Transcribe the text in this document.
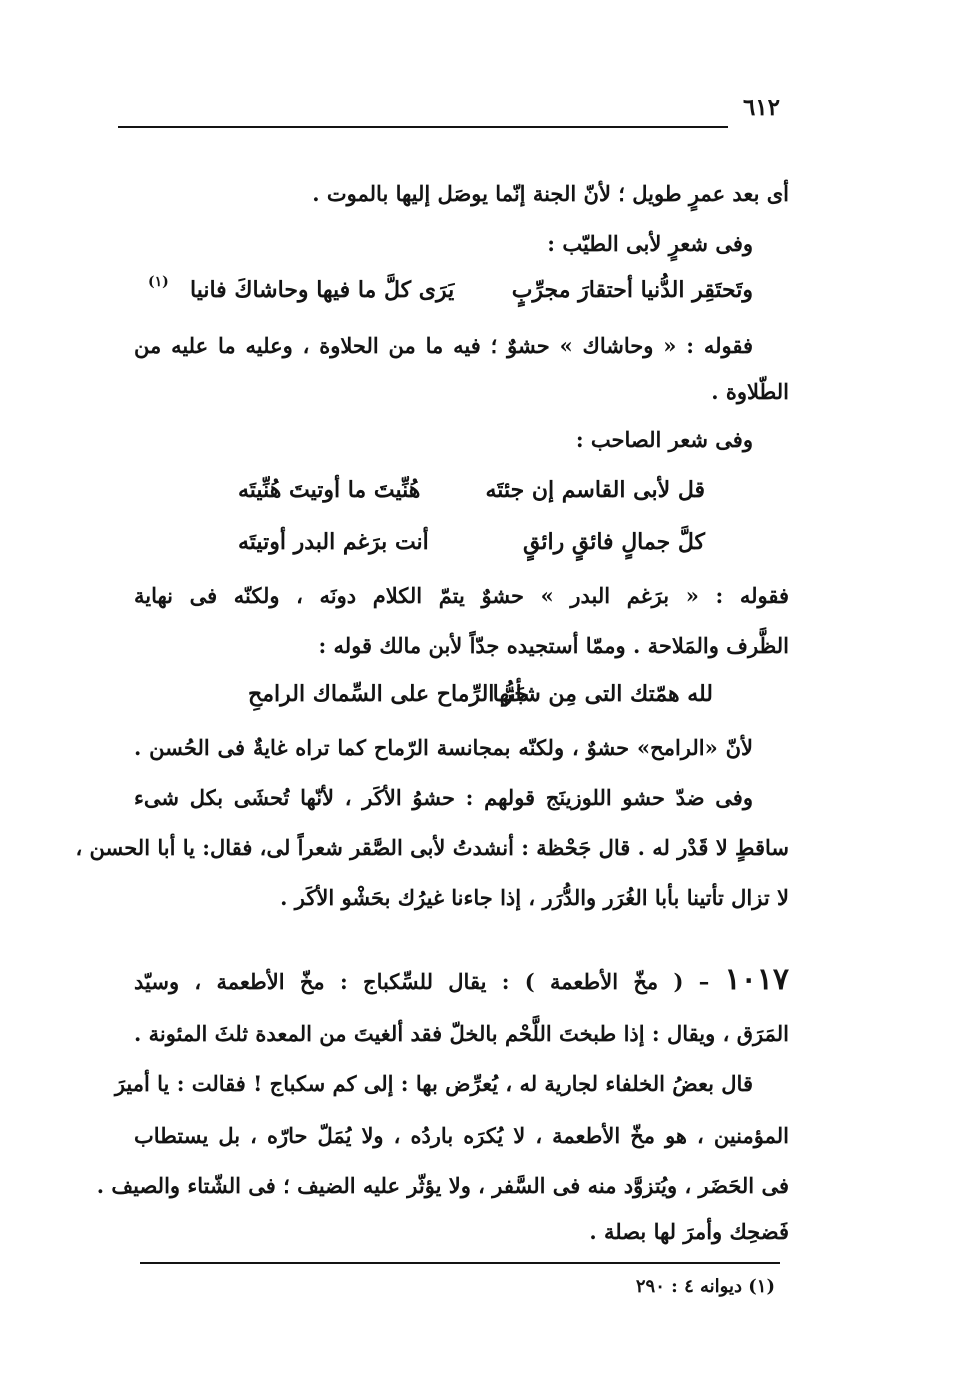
٦١٢
أى بعد عمرٍ طويل ؛ لأنّ الجنة إنّما يوصَل إليها بالموت .
وفى شعرٍ لأبى الطيّب :
وتَحتَقِر الدُّنيا أحتقارَ مجرِّبٍ
يَرَى كلَّ ما فيها وحاشاكَ فانيا
(١)
فقوله : « وحاشاك » حشوٌ ؛ فيه ما من الحلاوة ، وعليه ما عليه من
الطّلاوة .
وفى شعر الصاحب :
قل لأبى القاسم إن جئتَه
هُنِّيتَ ما أوتيتَ هُنِّيتَه
كلَّ جمالٍ فائقٍ رائقٍ
أنت برَغم البدر أوتيتَه
فقوله : « برَغم البدر » حشوٌ يتمّ الكلام دونَه ، ولكنّه فى نهاية
الظَّرف والمَلاحة . وممّا أستجيده جدّاً لأبن مالك قوله :
لله همّتك التى مِن شأنها
جَرُّ الرِّماح على السِّماك الرامحِ
لأنّ «الرامح» حشوٌ ، ولكنّه بمجانسة الرّماح كما تراه غايةٌ فى الحُسن .
وفى ضدّ حشو اللوزينَج قولهم : حشوُ الأكَر ، لأنّها تُحشَى بكل شىء
ساقطٍ لا قَدْر له . قال جَحْظة : أنشدتُ لأبى الصَّقر شعراً لى، فقال: يا أبا الحسن ،
لا تزال تأتينا بأبا الغُرَر والدُّرَر ، إذا جاءنا غيرُك بحَشْو الأكَر .
١٠١٧ – ( مخّ الأطعمة ) : يقال للسِّكباج : مخّ الأطعمة ، وسيّد
المَرَق ، ويقال : إذا طبختَ اللَّحْم بالخلّ فقد ألغيتَ من المعدة ثلثَ المئونة .
قال بعضُ الخلفاء لجارية له ، يُعرِّض بها : إلى كم سكباج ! فقالت : يا أميرَ
المؤمنين ، هو مخّ الأطعمة ، لا يُكرَه باردُه ، ولا يُمَلّ حارّه ، بل يستطاب
فى الحَضَر ، ويُتزوَّد منه فى السَّفر ، ولا يؤثّر عليه الضيف ؛ فى الشّتاء والصيف .
فَضحِك وأمرَ لها بصلة .
(١) ديوانه ٤ : ٢٩٠
